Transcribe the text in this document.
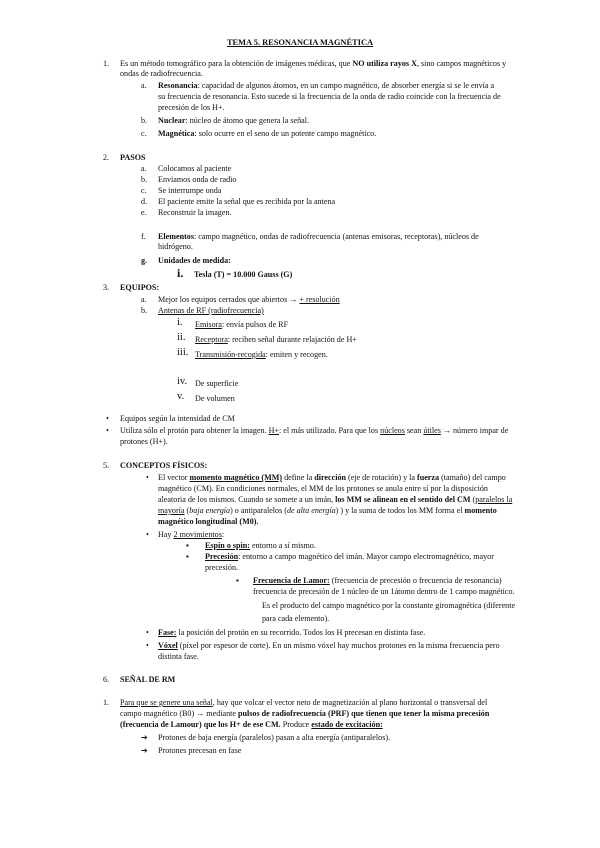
TEMA 5. RESONANCIA MAGNÉTICA
1. Es un método tomográfico para la obtención de imágenes médicas, que NO utiliza rayos X, sino campos magnéticos y
ondas de radiofrecuencia.
a. Resonancia: capacidad de algunos átomos, en un campo magnético, de absorber energía si se le envía a
su frecuencia de resonancia. Esto sucede si la frecuencia de la onda de radio coincide con la frecuencia de
precesión de los H+.
b. Nuclear: núcleo de átomo que genera la señal.
c. Magnética: solo ocurre en el seno de un potente campo magnético.
2. PASOS
a. Colocamos al paciente
b. Enviamos onda de radio
c. Se interrumpe onda
d. El paciente emite la señal que es recibida por la antena
e. Reconstruir la imagen.
f. Elementos: campo magnético, ondas de radiofrecuencia (antenas emisoras, receptoras), núcleos de
hidrógeno.
g. Unidades de medida:
i. Tesla (T) = 10.000 Gauss (G)
3. EQUIPOS:
a. Mejor los equipos cerrados que abiertos → + resolución
b. Antenas de RF (radiofrecuencia)
i. Emisora: envía pulsos de RF
ii. Receptora: reciben señal durante relajación de H+
iii. Transmisión-recogida: emiten y recogen.
iv. De superficie
v. De volumen
• Equipos según la intensidad de CM
• Utiliza sólo el protón para obtener la imagen. H+: el más utilizado. Para que los núcleos sean útiles → número impar de
protones (H+).
5. CONCEPTOS FÍSICOS:
• El vector momento magnético (MM) define la dirección (eje de rotación) y la fuerza (tamaño) del campo
magnético (CM). En condiciones normales, el MM de los protones se anula entre sí por la disposición
aleatoria de los mismos. Cuando se somete a un imán, los MM se alinean en el sentido del CM (paralelos la
mayoría (baja energía) o antiparalelos (de alta energía) ) y la suma de todos los MM forma el momento
magnético longitudinal (M0).
• Hay 2 movimientos:
▪ Espín o spin: entorno a sí mismo.
▪ Precesión: entorno a campo magnético del imán. Mayor campo electromagnético, mayor
precesión.
▪ Frecuencia de Lamor: (frecuencia de precesión o frecuencia de resonancia)
frecuencia de precesión de 1 núcleo de un 1átomo dentro de 1 campo magnético.
Es el producto del campo magnético por la constante giromagnética (diferente
para cada elemento).
• Fase: la posición del protón en su recorrido. Todos los H precesan en distinta fase.
• Vóxel (píxel por espesor de corte). En un mismo vóxel hay muchos protones en la misma frecuencia pero
distinta fase.
6. SEÑAL DE RM
1. Para que se genere una señal, hay que volcar el vector neto de magnetización al plano horizontal o transversal del
campo magnético (B0) → mediante pulsos de radiofrecuencia (PRF) que tienen que tener la misma precesión
(frecuencia de Lamour) que los H+ de ese CM. Produce estado de excitación:
➔ Protones de baja energía (paralelos) pasan a alta energía (antiparalelos).
➔ Protones precesan en fase
